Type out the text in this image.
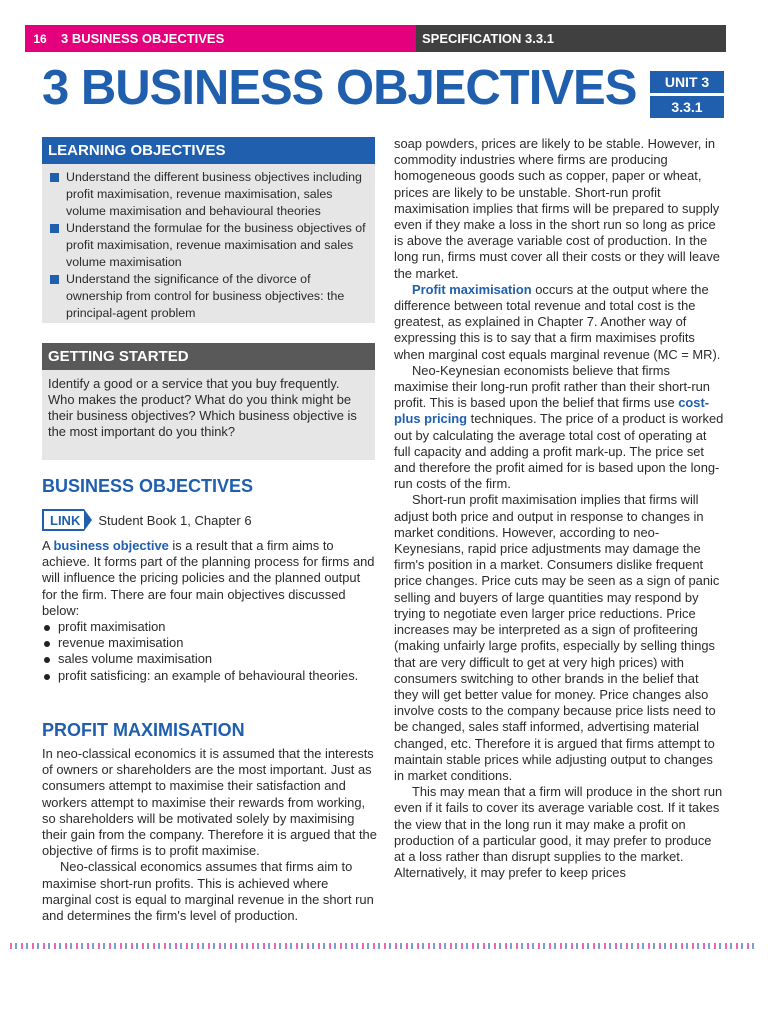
16	3 BUSINESS OBJECTIVES	SPECIFICATION 3.3.1
3 BUSINESS OBJECTIVES	UNIT 3
3.3.1
LEARNING OBJECTIVES
Understand the different business objectives including profit maximisation, revenue maximisation, sales volume maximisation and behavioural theories
Understand the formulae for the business objectives of profit maximisation, revenue maximisation and sales volume maximisation
Understand the significance of the divorce of ownership from control for business objectives: the principal-agent problem
GETTING STARTED
Identify a good or a service that you buy frequently. Who makes the product? What do you think might be their business objectives? Which business objective is the most important do you think?
BUSINESS OBJECTIVES
LINK	Student Book 1, Chapter 6

A business objective is a result that a firm aims to achieve. It forms part of the planning process for firms and will influence the pricing policies and the planned output for the firm. There are four main objectives discussed below:

profit maximisation
revenue maximisation
sales volume maximisation
profit satisficing: an example of behavioural theories.
PROFIT MAXIMISATION

In neo-classical economics it is assumed that the interests of owners or shareholders are the most important. Just as consumers attempt to maximise their satisfaction and workers attempt to maximise their rewards from working, so shareholders will be motivated solely by maximising their gain from the company. Therefore it is argued that the objective of firms is to profit maximise.

Neo-classical economics assumes that firms aim to maximise short-run profits. This is achieved where marginal cost is equal to marginal revenue in the short run and determines the firm's level of production.

soap powders, prices are likely to be stable. However, in commodity industries where firms are producing homogeneous goods such as copper, paper or wheat, prices are likely to be unstable. Short-run profit maximisation implies that firms will be prepared to supply even if they make a loss in the short run so long as price is above the average variable cost of production. In the long run, firms must cover all their costs or they will leave the market.

Profit maximisation occurs at the output where the difference between total revenue and total cost is the greatest, as explained in Chapter 7. Another way of expressing this is to say that a firm maximises profits when marginal cost equals marginal revenue (MC = MR).

Neo-Keynesian economists believe that firms maximise their long-run profit rather than their short-run profit. This is based upon the belief that firms use cost-plus pricing techniques. The price of a product is worked out by calculating the average total cost of operating at full capacity and adding a profit mark-up. The price set and therefore the profit aimed for is based upon the long-run costs of the firm.

Short-run profit maximisation implies that firms will adjust both price and output in response to changes in market conditions. However, according to neo-Keynesians, rapid price adjustments may damage the firm's position in a market. Consumers dislike frequent price changes. Price cuts may be seen as a sign of panic selling and buyers of large quantities may respond by trying to negotiate even larger price reductions. Price increases may be interpreted as a sign of profiteering (making unfairly large profits, especially by selling things that are very difficult to get at very high prices) with consumers switching to other brands in the belief that they will get better value for money. Price changes also involve costs to the company because price lists need to be changed, sales staff informed, advertising material changed, etc. Therefore it is argued that firms attempt to maintain stable prices while adjusting output to changes in market conditions.

This may mean that a firm will produce in the short run even if it fails to cover its average variable cost. If it takes the view that in the long run it may make a profit on production of a particular good, it may prefer to produce at a loss rather than disrupt supplies to the market. Alternatively, it may prefer to keep prices
